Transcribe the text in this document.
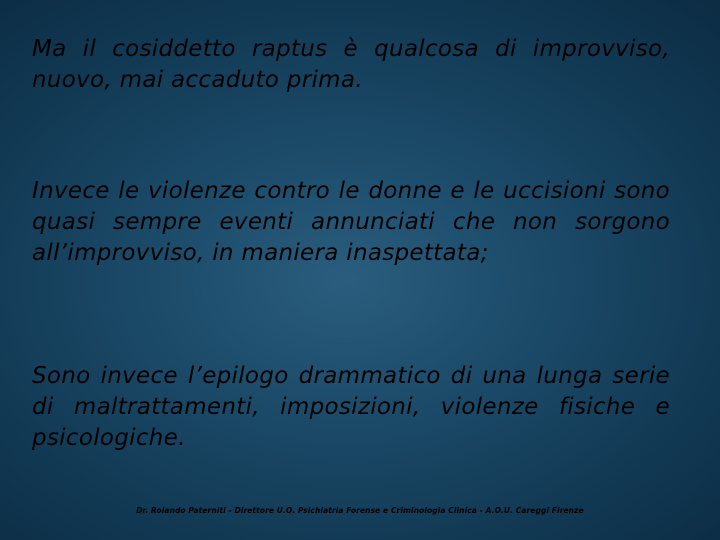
Ma il cosiddetto raptus è qualcosa di improvviso, nuovo, mai accaduto prima.

Invece le violenze contro le donne e le uccisioni sono quasi sempre eventi annunciati che non sorgono all’improvviso, in maniera inaspettata;

Sono invece l’epilogo drammatico di una lunga serie di maltrattamenti, imposizioni, violenze fisiche e psicologiche.

Dr. Rolando Paterniti - Direttore U.O. Psichiatria Forense e Criminologia Clinica - A.O.U. Careggi Firenze
